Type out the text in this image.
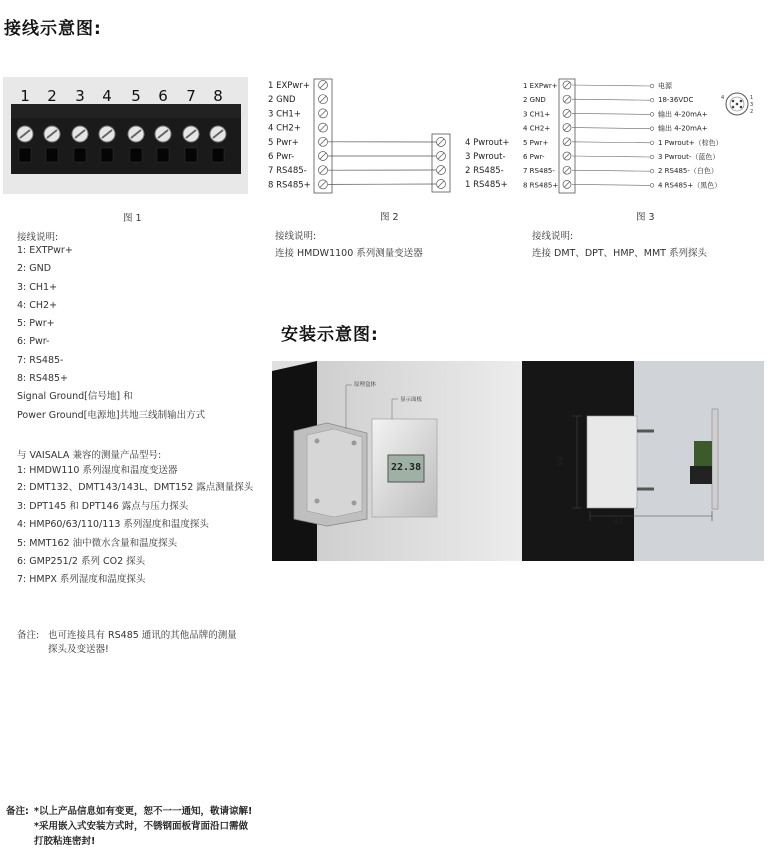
接线示意图:
安装示意图:
1 2 3 4 5 6 7 8
图 1
1 EXPwr+
2 GND
3 CH1+
4 CH2+
5 Pwr+
6 Pwr-
7 RS485-
8 RS485+
4 Pwrout+
3 Pwrout-
2 RS485-
1 RS485+
图 2
接线说明:
连接 HMDW1100 系列测量变送器
1 EXPwr+	电源
2 GND	18-36VDC
3 CH1+	输出 4-20mA+
4 CH2+	输出 4-20mA+
5 Pwr+	1 Pwrout+（棕色）
6 Pwr-	3 Pwrout-（蓝色）
7 RS485-	2 RS485-（白色）
8 RS485+	4 RS485+（黑色）
4	1
3
2
图 3
接线说明:
连接 DMT、DPT、HMP、MMT 系列探头
接线说明:
1: EXTPwr+
2: GND
3: CH1+
4: CH2+
5: Pwr+
6: Pwr-
7: RS485-
8: RS485+
Signal Ground[信号地] 和
Power Ground[电源地]共地三线制输出方式
与 VAISALA 兼容的测量产品型号:
1: HMDW110 系列湿度和温度变送器
2: DMT132、DMT143/143L、DMT152 露点测量探头
3: DPT145 和 DPT146 露点与压力探头
4: HMP60/63/110/113 系列湿度和温度探头
5: MMT162 油中微水含量和温度探头
6: GMP251/2 系列 CO2 探头
7: HMPX 系列湿度和温度探头
备注: 也可连接具有 RS485 通讯的其他品牌的测量
探头及变送器!
原理盒体
显示面板
22.38
86
42
备注: *以上产品信息如有变更，恕不一一通知，敬请谅解!
*采用嵌入式安装方式时，不锈钢面板背面沿口需做
打胶粘连密封!
